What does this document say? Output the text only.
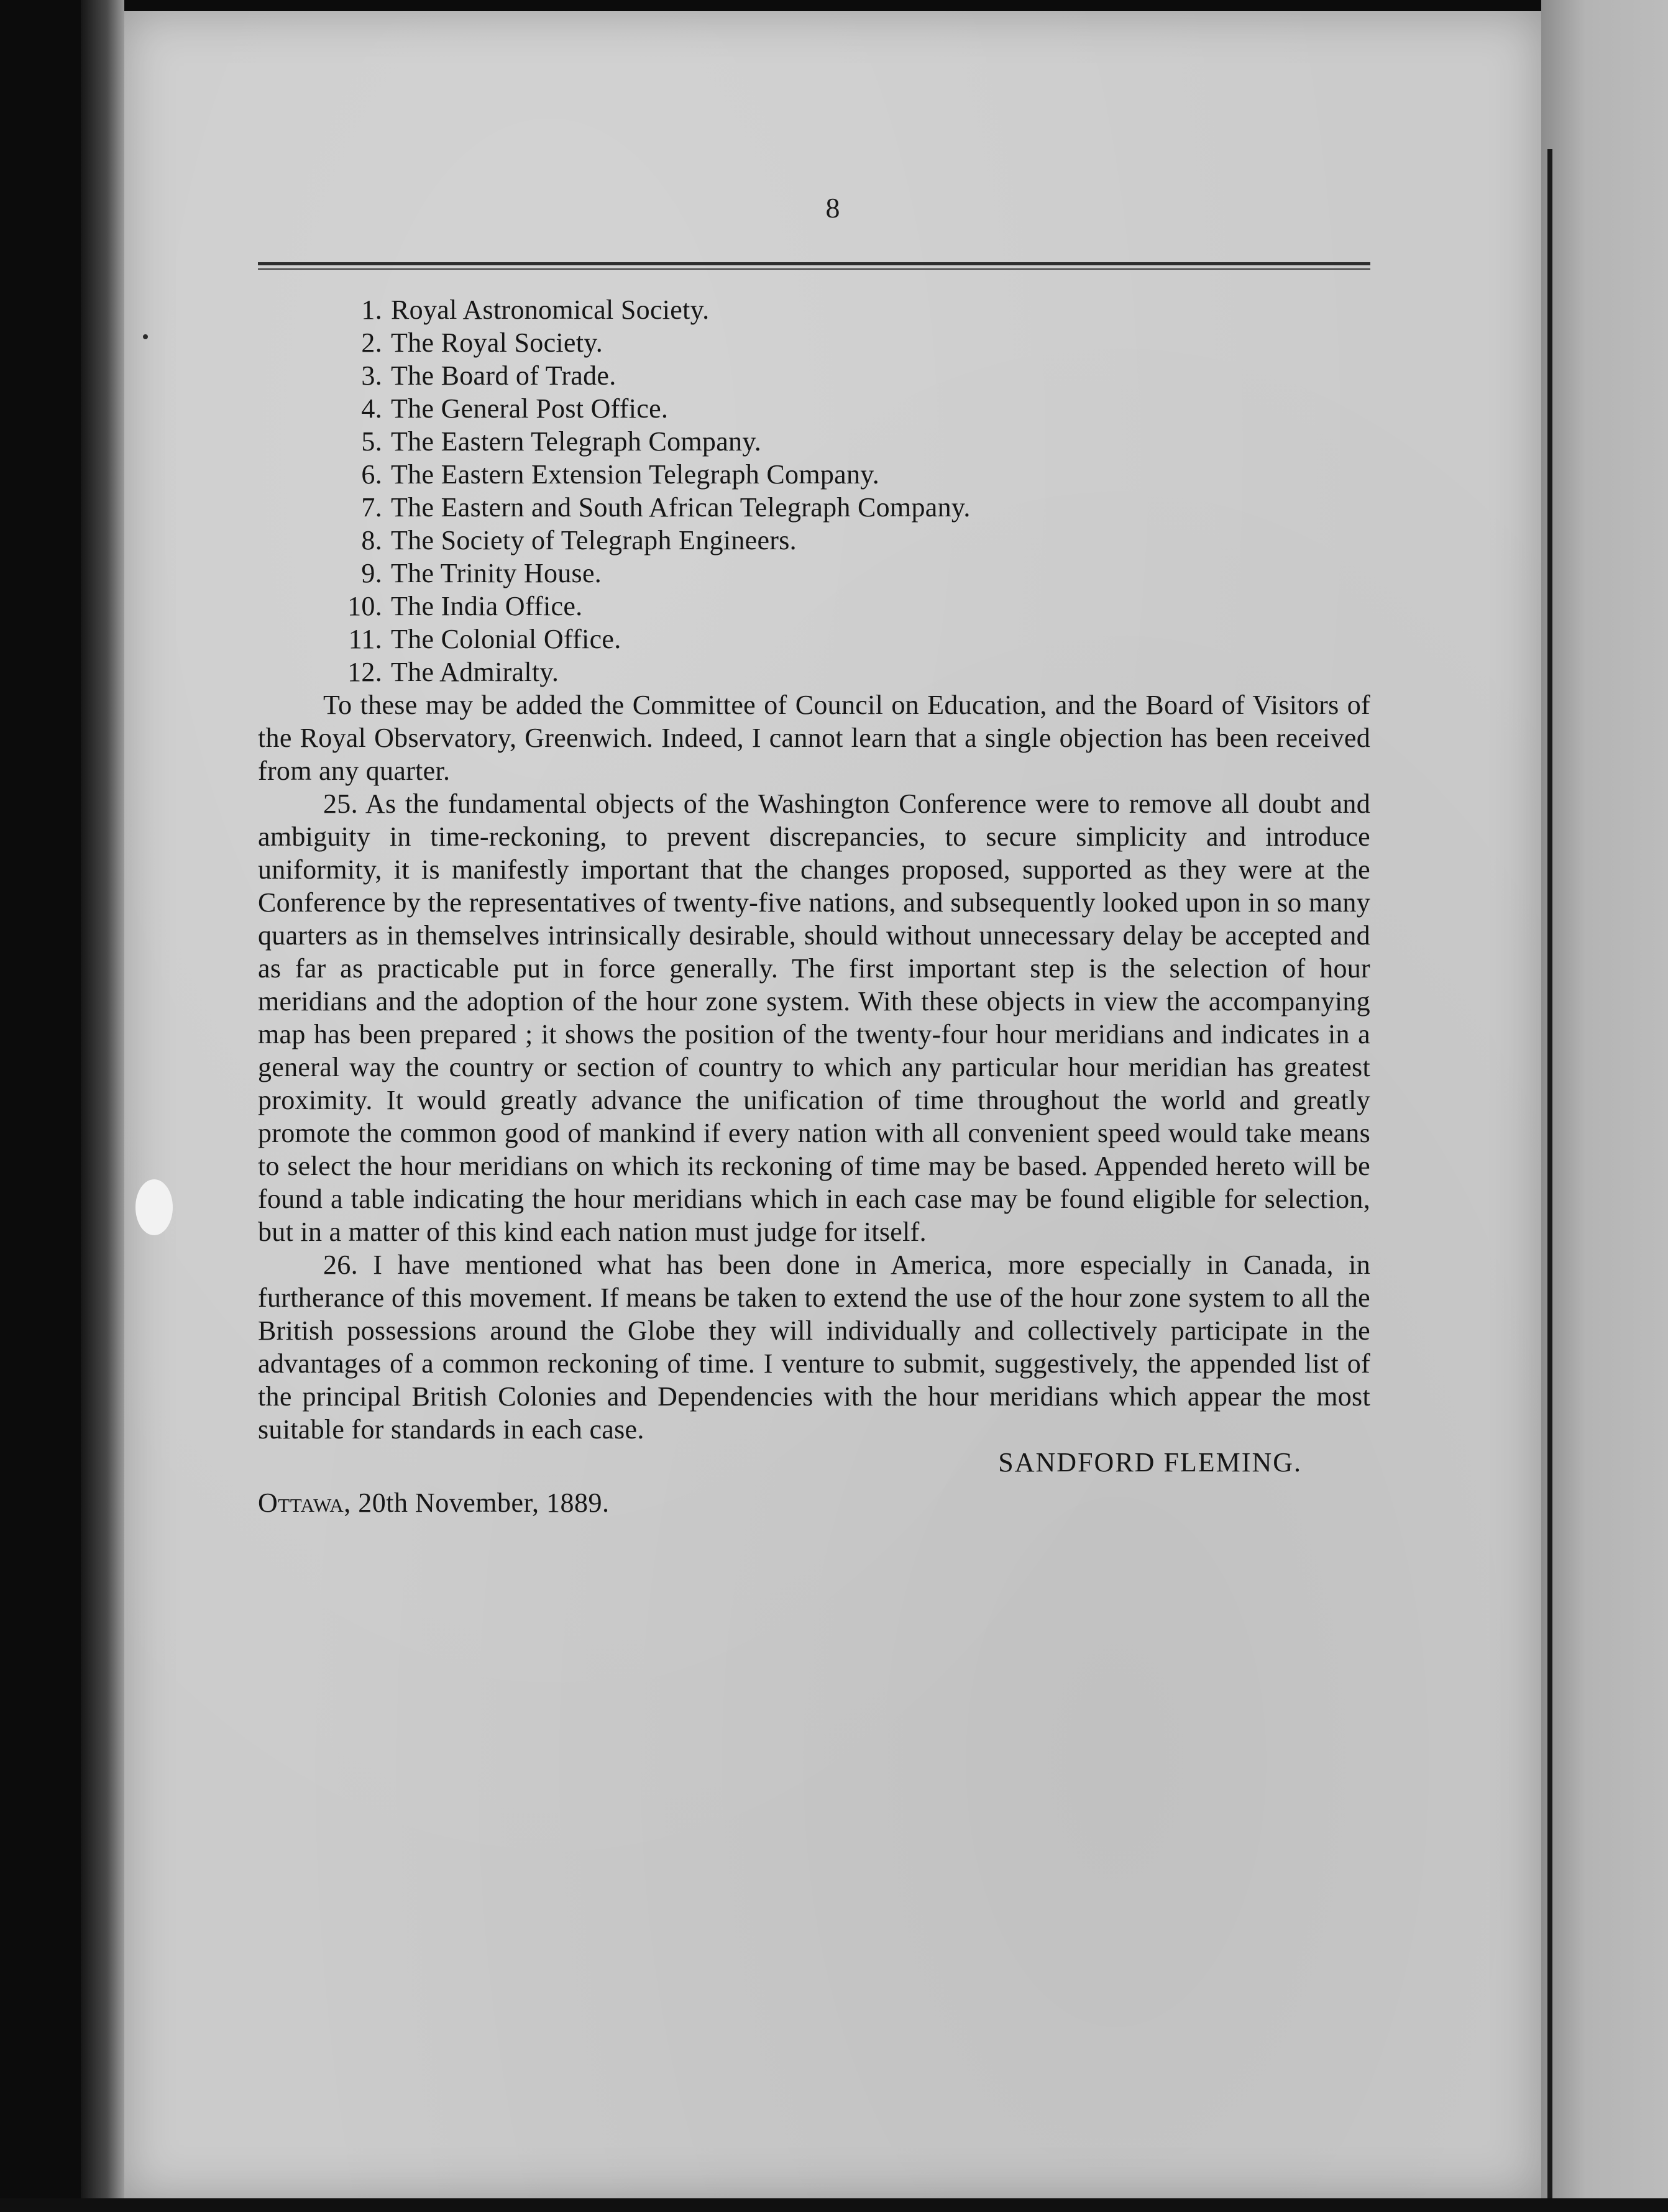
8

1. Royal Astronomical Society.
2. The Royal Society.
3. The Board of Trade.
4. The General Post Office.
5. The Eastern Telegraph Company.
6. The Eastern Extension Telegraph Company.
7. The Eastern and South African Telegraph Company.
8. The Society of Telegraph Engineers.
9. The Trinity House.
10. The India Office.
11. The Colonial Office.
12. The Admiralty.

To these may be added the Committee of Council on Education, and the Board of Visitors of the Royal Observatory, Greenwich. Indeed, I cannot learn that a single objection has been received from any quarter.

25. As the fundamental objects of the Washington Conference were to remove all doubt and ambiguity in time-reckoning, to prevent discrepancies, to secure simplicity and introduce uniformity, it is manifestly important that the changes proposed, supported as they were at the Conference by the representatives of twenty-five nations, and subsequently looked upon in so many quarters as in themselves intrinsically desirable, should without unnecessary delay be accepted and as far as practicable put in force generally. The first important step is the selection of hour meridians and the adoption of the hour zone system. With these objects in view the accompanying map has been prepared ; it shows the position of the twenty-four hour meridians and indicates in a general way the country or section of country to which any particular hour meridian has greatest proximity. It would greatly advance the unification of time throughout the world and greatly promote the common good of mankind if every nation with all convenient speed would take means to select the hour meridians on which its reckoning of time may be based. Appended hereto will be found a table indicating the hour meridians which in each case may be found eligible for selection, but in a matter of this kind each nation must judge for itself.

26. I have mentioned what has been done in America, more especially in Canada, in furtherance of this movement. If means be taken to extend the use of the hour zone system to all the British possessions around the Globe they will individually and collectively participate in the advantages of a common reckoning of time. I venture to submit, suggestively, the appended list of the principal British Colonies and Dependencies with the hour meridians which appear the most suitable for standards in each case.

SANDFORD FLEMING.

Ottawa, 20th November, 1889.
